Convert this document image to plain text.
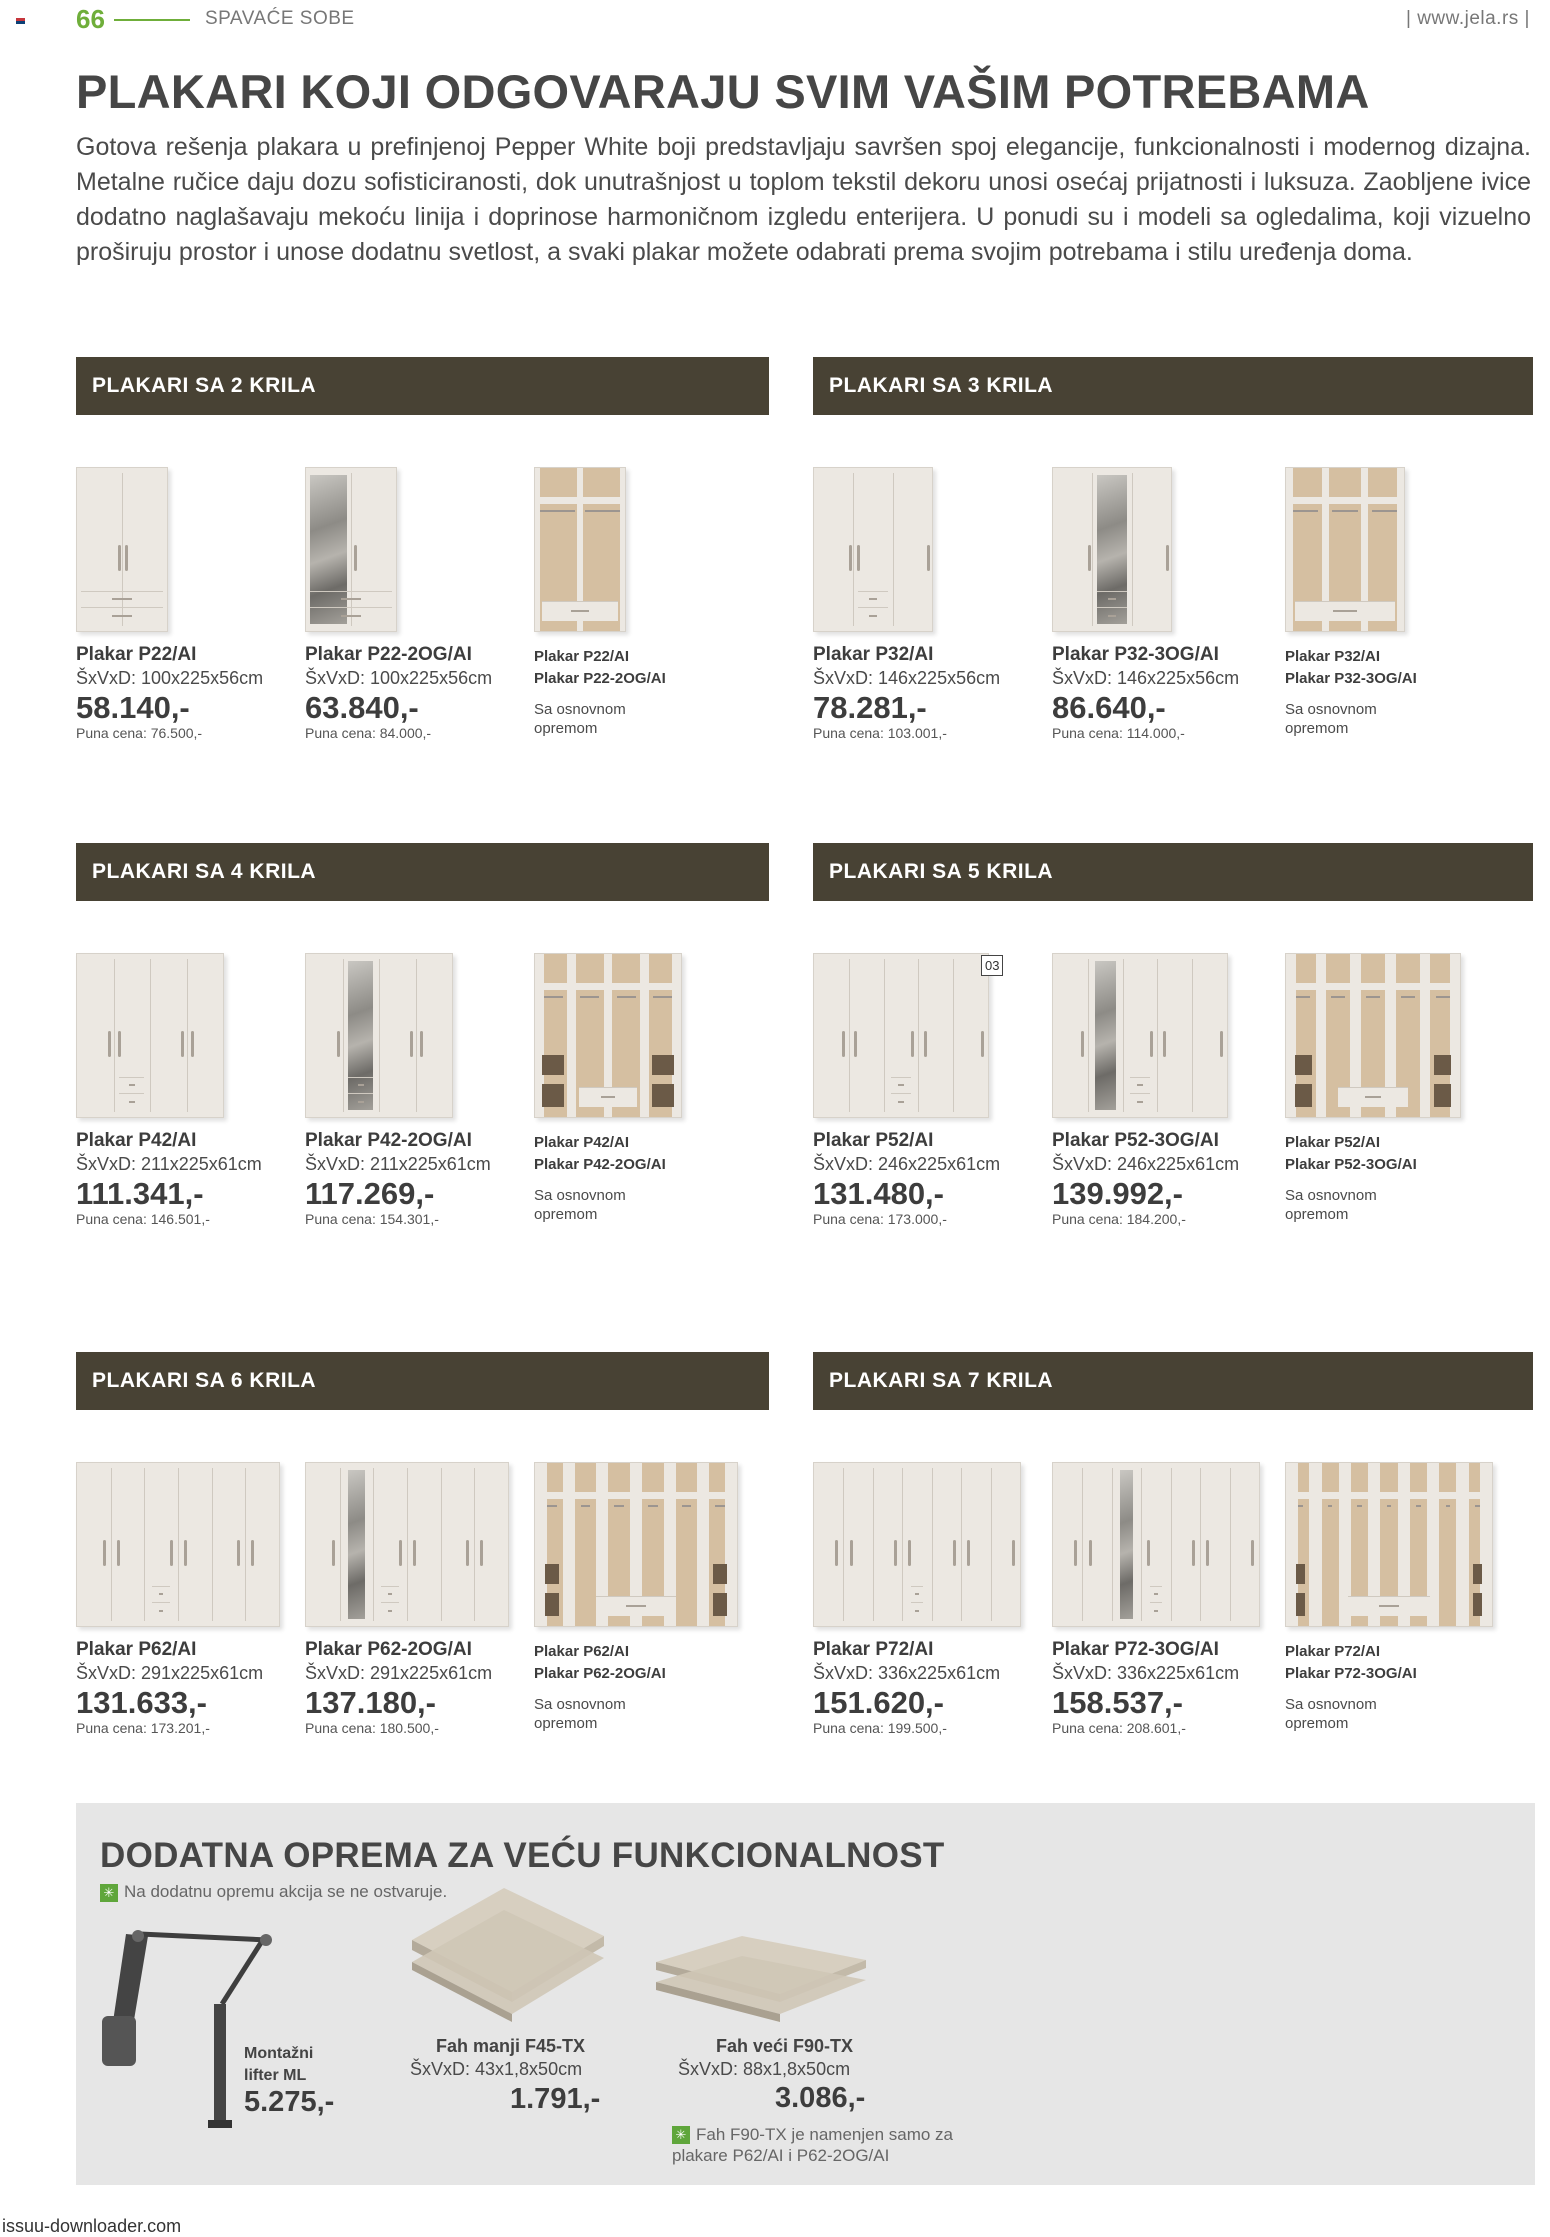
66	SPAVAĆE SOBE	| www.jela.rs |
PLAKARI KOJI ODGOVARAJU SVIM VAŠIM POTREBAMA

Gotova rešenja plakara u prefinjenoj Pepper White boji predstavljaju savršen spoj elegancije, funkcionalnosti i modernog dizajna. Metalne ručice daju dozu sofisticiranosti, dok unutrašnjost u toplom tekstil dekoru unosi osećaj prijatnosti i luksuza. Zaobljene ivice dodatno naglašavaju mekoću linija i doprinose harmoničnom izgledu enterijera. U ponudi su i modeli sa ogledalima, koji vizuelno proširuju prostor i unose dodatnu svetlost, a svaki plakar možete odabrati prema svojim potrebama i stilu uređenja doma.

PLAKARI SA 2 KRILA
Plakar P22/AI
ŠxVxD: 100x225x56cm
58.140,-
Puna cena: 76.500,-
Plakar P22-2OG/AI
ŠxVxD: 100x225x56cm
63.840,-
Puna cena: 84.000,-
Plakar P22/AI
Plakar P22-2OG/AI
Sa osnovnom opremom
PLAKARI SA 3 KRILA
Plakar P32/AI
ŠxVxD: 146x225x56cm
78.281,-
Puna cena: 103.001,-
Plakar P32-3OG/AI
ŠxVxD: 146x225x56cm
86.640,-
Puna cena: 114.000,-
Plakar P32/AI
Plakar P32-3OG/AI
Sa osnovnom opremom
PLAKARI SA 4 KRILA
Plakar P42/AI
ŠxVxD: 211x225x61cm
111.341,-
Puna cena: 146.501,-
Plakar P42-2OG/AI
ŠxVxD: 211x225x61cm
117.269,-
Puna cena: 154.301,-
Plakar P42/AI
Plakar P42-2OG/AI
Sa osnovnom opremom
PLAKARI SA 5 KRILA
Plakar P52/AI
ŠxVxD: 246x225x61cm
131.480,-
Puna cena: 173.000,-
Plakar P52-3OG/AI
ŠxVxD: 246x225x61cm
139.992,-
Puna cena: 184.200,-
Plakar P52/AI
Plakar P52-3OG/AI
Sa osnovnom opremom
03
PLAKARI SA 6 KRILA
Plakar P62/AI
ŠxVxD: 291x225x61cm
131.633,-
Puna cena: 173.201,-
Plakar P62-2OG/AI
ŠxVxD: 291x225x61cm
137.180,-
Puna cena: 180.500,-
Plakar P62/AI
Plakar P62-2OG/AI
Sa osnovnom opremom
PLAKARI SA 7 KRILA
Plakar P72/AI
ŠxVxD: 336x225x61cm
151.620,-
Puna cena: 199.500,-
Plakar P72-3OG/AI
ŠxVxD: 336x225x61cm
158.537,-
Puna cena: 208.601,-
Plakar P72/AI
Plakar P72-3OG/AI
Sa osnovnom opremom
DODATNA OPREMA ZA VEĆU FUNKCIONALNOST
✳ Na dodatnu opremu akcija se ne ostvaruje.
Montažni
lifter ML
5.275,-
Fah manji F45-TX
ŠxVxD: 43x1,8x50cm
1.791,-
Fah veći F90-TX
ŠxVxD: 88x1,8x50cm
3.086,-
✳ Fah F90-TX je namenjen samo za plakare P62/AI i P62-2OG/AI
issuu-downloader.com
